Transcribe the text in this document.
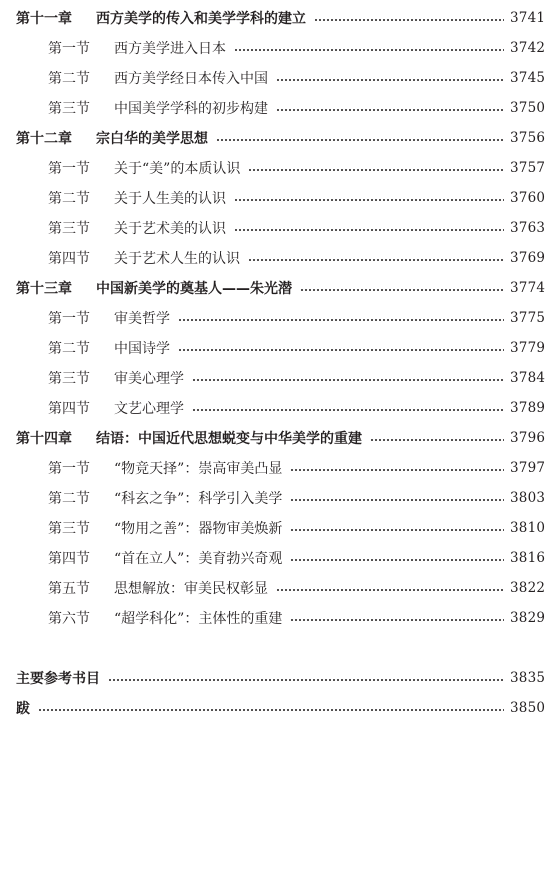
第十一章	西方美学的传入和美学学科的建立	3741
第一节	西方美学进入日本	3742
第二节	西方美学经日本传入中国	3745
第三节	中国美学学科的初步构建	3750
第十二章	宗白华的美学思想	3756
第一节	关于“美”的本质认识	3757
第二节	关于人生美的认识	3760
第三节	关于艺术美的认识	3763
第四节	关于艺术人生的认识	3769
第十三章	中国新美学的奠基人——朱光潜	3774
第一节	审美哲学	3775
第二节	中国诗学	3779
第三节	审美心理学	3784
第四节	文艺心理学	3789
第十四章	结语：中国近代思想蜕变与中华美学的重建	3796
第一节	“物竞天择”：崇高审美凸显	3797
第二节	“科玄之争”：科学引入美学	3803
第三节	“物用之善”：器物审美焕新	3810
第四节	“首在立人”：美育勃兴奇观	3816
第五节	思想解放：审美民权彰显	3822
第六节	“超学科化”：主体性的重建	3829
主要参考书目	3835
跋	3850
